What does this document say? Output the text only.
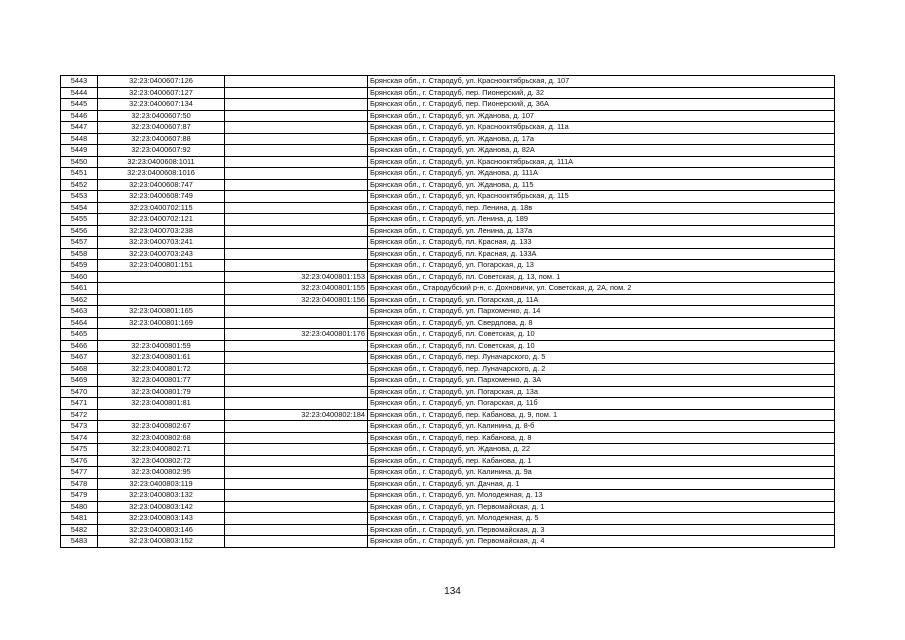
5443	32:23:0400607:126		Брянская обл., г. Стародуб, ул. Краснооктябрьская, д. 107
5444	32:23:0400607:127		Брянская обл., г. Стародуб, пер. Пионерский, д. 32
5445	32:23:0400607:134		Брянская обл., г. Стародуб, пер. Пионерский, д. 36А
5446	32:23:0400607:50		Брянская обл., г. Стародуб, ул. Жданова, д. 107
5447	32:23:0400607:87		Брянская обл., г. Стародуб, ул. Краснооктябрьская, д. 11а
5448	32:23:0400607:88		Брянская обл., г. Стародуб, ул. Жданова, д. 17а
5449	32:23:0400607:92		Брянская обл., г. Стародуб, ул. Жданова, д. 82А
5450	32:23:0400608:1011		Брянская обл., г. Стародуб, ул. Краснооктябрьская, д. 111А
5451	32:23:0400608:1016		Брянская обл., г. Стародуб, ул. Жданова, д. 111А
5452	32:23:0400608:747		Брянская обл., г. Стародуб, ул. Жданова, д. 115
5453	32:23:0400608:749		Брянская обл., г. Стародуб, ул. Краснооктябрьская, д. 115
5454	32:23:0400702:115		Брянская обл., г. Стародуб, пер. Ленина, д. 18в
5455	32:23:0400702:121		Брянская обл., г. Стародуб, ул. Ленина, д. 189
5456	32:23:0400703:238		Брянская обл., г. Стародуб, ул. Ленина, д. 137а
5457	32:23:0400703:241		Брянская обл., г. Стародуб, пл. Красная, д. 133
5458	32:23:0400703:243		Брянская обл., г. Стародуб, пл. Красная, д. 133А
5459	32:23:0400801:151		Брянская обл., г. Стародуб, ул. Погарская, д. 13
5460		32:23:0400801:153	Брянская обл., г. Стародуб, пл. Советская, д. 13, пом. 1
5461		32:23:0400801:155	Брянская обл., Стародубский р-н, с. Дохновичи, ул. Советская, д. 2А, пом. 2
5462		32:23:0400801:156	Брянская обл., г. Стародуб, ул. Погарская, д. 11А
5463	32:23:0400801:165		Брянская обл., г. Стародуб, ул. Пархоменко, д. 14
5464	32:23:0400801:169		Брянская обл., г. Стародуб, ул. Свердлова, д. 8
5465		32:23:0400801:176	Брянская обл., г. Стародуб, пл. Советская, д. 10
5466	32:23:0400801:59		Брянская обл., г. Стародуб, пл. Советская, д. 10
5467	32:23:0400801:61		Брянская обл., г. Стародуб, пер. Луначарского, д. 5
5468	32:23:0400801:72		Брянская обл., г. Стародуб, пер. Луначарского, д. 2
5469	32:23:0400801:77		Брянская обл., г. Стародуб, ул. Пархоменко, д. 3А
5470	32:23:0400801:79		Брянская обл., г. Стародуб, ул. Погарская, д. 13а
5471	32:23:0400801:81		Брянская обл., г. Стародуб, ул. Погарская, д. 11б
5472		32:23:0400802:184	Брянская обл., г. Стародуб, пер. Кабанова, д. 9, пом. 1
5473	32:23:0400802:67		Брянская обл., г. Стародуб, ул. Калинина, д. 8-б
5474	32:23:0400802:68		Брянская обл., г. Стародуб, пер. Кабанова, д. 8
5475	32:23:0400802:71		Брянская обл., г. Стародуб, ул. Жданова, д. 22
5476	32:23:0400802:72		Брянская обл., г. Стародуб, пер. Кабанова, д. 1
5477	32:23:0400802:95		Брянская обл., г. Стародуб, ул. Калинина, д. 9а
5478	32:23:0400803:119		Брянская обл., г. Стародуб, ул. Дачная, д. 1
5479	32:23:0400803:132		Брянская обл., г. Стародуб, ул. Молодежная, д. 13
5480	32:23:0400803:142		Брянская обл., г. Стародуб, ул. Первомайская, д. 1
5481	32:23:0400803:143		Брянская обл., г. Стародуб, ул. Молодежная, д. 5
5482	32:23:0400803:146		Брянская обл., г. Стародуб, ул. Первомайская, д. 3
5483	32:23:0400803:152		Брянская обл., г. Стародуб, ул. Первомайская, д. 4
134
